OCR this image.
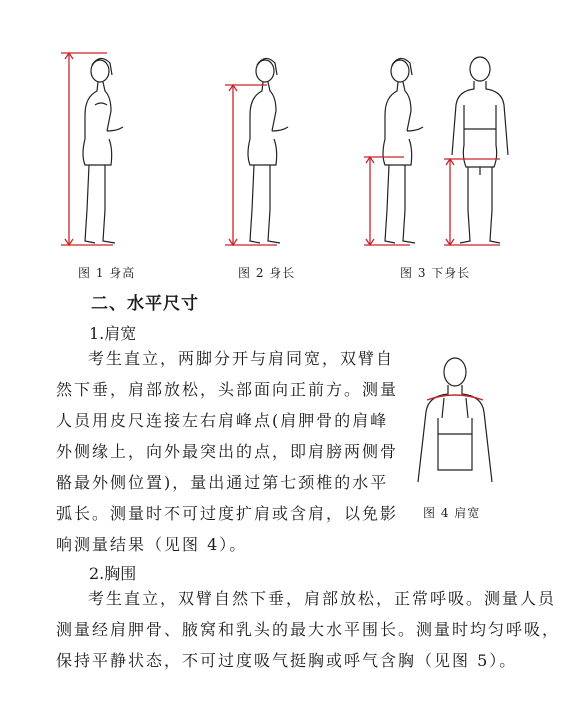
图 1 身高	图 2 身长	图 3 下身长
二、水平尺寸
1.肩宽
考生直立，两脚分开与肩同宽，双臂自
然下垂，肩部放松，头部面向正前方。测量
人员用皮尺连接左右肩峰点(肩胛骨的肩峰
外侧缘上，向外最突出的点，即肩膀两侧骨
骼最外侧位置)，量出通过第七颈椎的水平
弧长。测量时不可过度扩肩或含肩，以免影
响测量结果（见图 4）。
图 4 肩宽
2.胸围
考生直立，双臂自然下垂，肩部放松，正常呼吸。测量人员
测量经肩胛骨、腋窝和乳头的最大水平围长。测量时均匀呼吸，
保持平静状态，不可过度吸气挺胸或呼气含胸（见图 5）。
